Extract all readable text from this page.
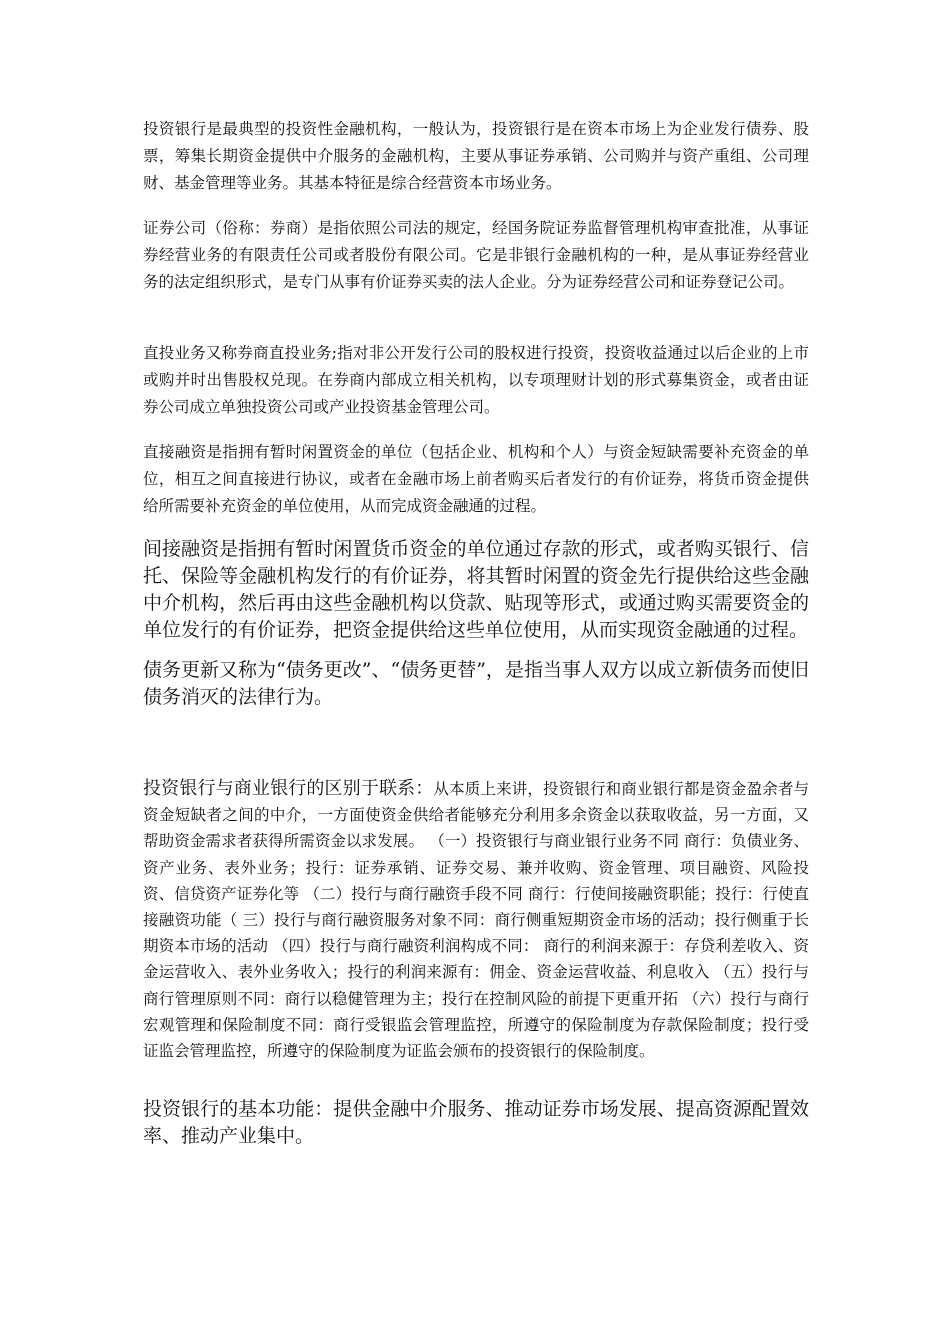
投资银行是最典型的投资性金融机构，一般认为，投资银行是在资本市场上为企业发行债券、股票，筹集长期资金提供中介服务的金融机构，主要从事证券承销、公司购并与资产重组、公司理财、基金管理等业务。其基本特征是综合经营资本市场业务。

证券公司（俗称：券商）是指依照公司法的规定，经国务院证券监督管理机构审查批准，从事证券经营业务的有限责任公司或者股份有限公司。它是非银行金融机构的一种，是从事证券经营业务的法定组织形式，是专门从事有价证券买卖的法人企业。分为证券经营公司和证券登记公司。

直投业务又称券商直投业务;指对非公开发行公司的股权进行投资，投资收益通过以后企业的上市或购并时出售股权兑现。在券商内部成立相关机构，以专项理财计划的形式募集资金，或者由证券公司成立单独投资公司或产业投资基金管理公司。

直接融资是指拥有暂时闲置资金的单位（包括企业、机构和个人）与资金短缺需要补充资金的单位，相互之间直接进行协议，或者在金融市场上前者购买后者发行的有价证券，将货币资金提供给所需要补充资金的单位使用，从而完成资金融通的过程。

间接融资是指拥有暂时闲置货币资金的单位通过存款的形式，或者购买银行、信托、保险等金融机构发行的有价证券，将其暂时闲置的资金先行提供给这些金融中介机构，然后再由这些金融机构以贷款、贴现等形式，或通过购买需要资金的单位发行的有价证券，把资金提供给这些单位使用，从而实现资金融通的过程。

债务更新又称为“债务更改”、“债务更替”，是指当事人双方以成立新债务而使旧债务消灭的法律行为。

投资银行与商业银行的区别于联系：从本质上来讲，投资银行和商业银行都是资金盈余者与资金短缺者之间的中介，一方面使资金供给者能够充分利用多余资金以获取收益，另一方面，又帮助资金需求者获得所需资金以求发展。 （一）投资银行与商业银行业务不同 商行：负债业务、资产业务、表外业务；投行：证券承销、证券交易、兼并收购、资金管理、项目融资、风险投资、信贷资产证券化等 （二）投行与商行融资手段不同 商行：行使间接融资职能；投行：行使直接融资功能（ 三）投行与商行融资服务对象不同：商行侧重短期资金市场的活动；投行侧重于长期资本市场的活动 （四）投行与商行融资利润构成不同： 商行的利润来源于：存贷利差收入、资金运营收入、表外业务收入；投行的利润来源有：佣金、资金运营收益、利息收入 （五）投行与商行管理原则不同：商行以稳健管理为主；投行在控制风险的前提下更重开拓 （六）投行与商行宏观管理和保险制度不同：商行受银监会管理监控，所遵守的保险制度为存款保险制度；投行受证监会管理监控，所遵守的保险制度为证监会颁布的投资银行的保险制度。

投资银行的基本功能：提供金融中介服务、推动证券市场发展、提高资源配置效率、推动产业集中。
